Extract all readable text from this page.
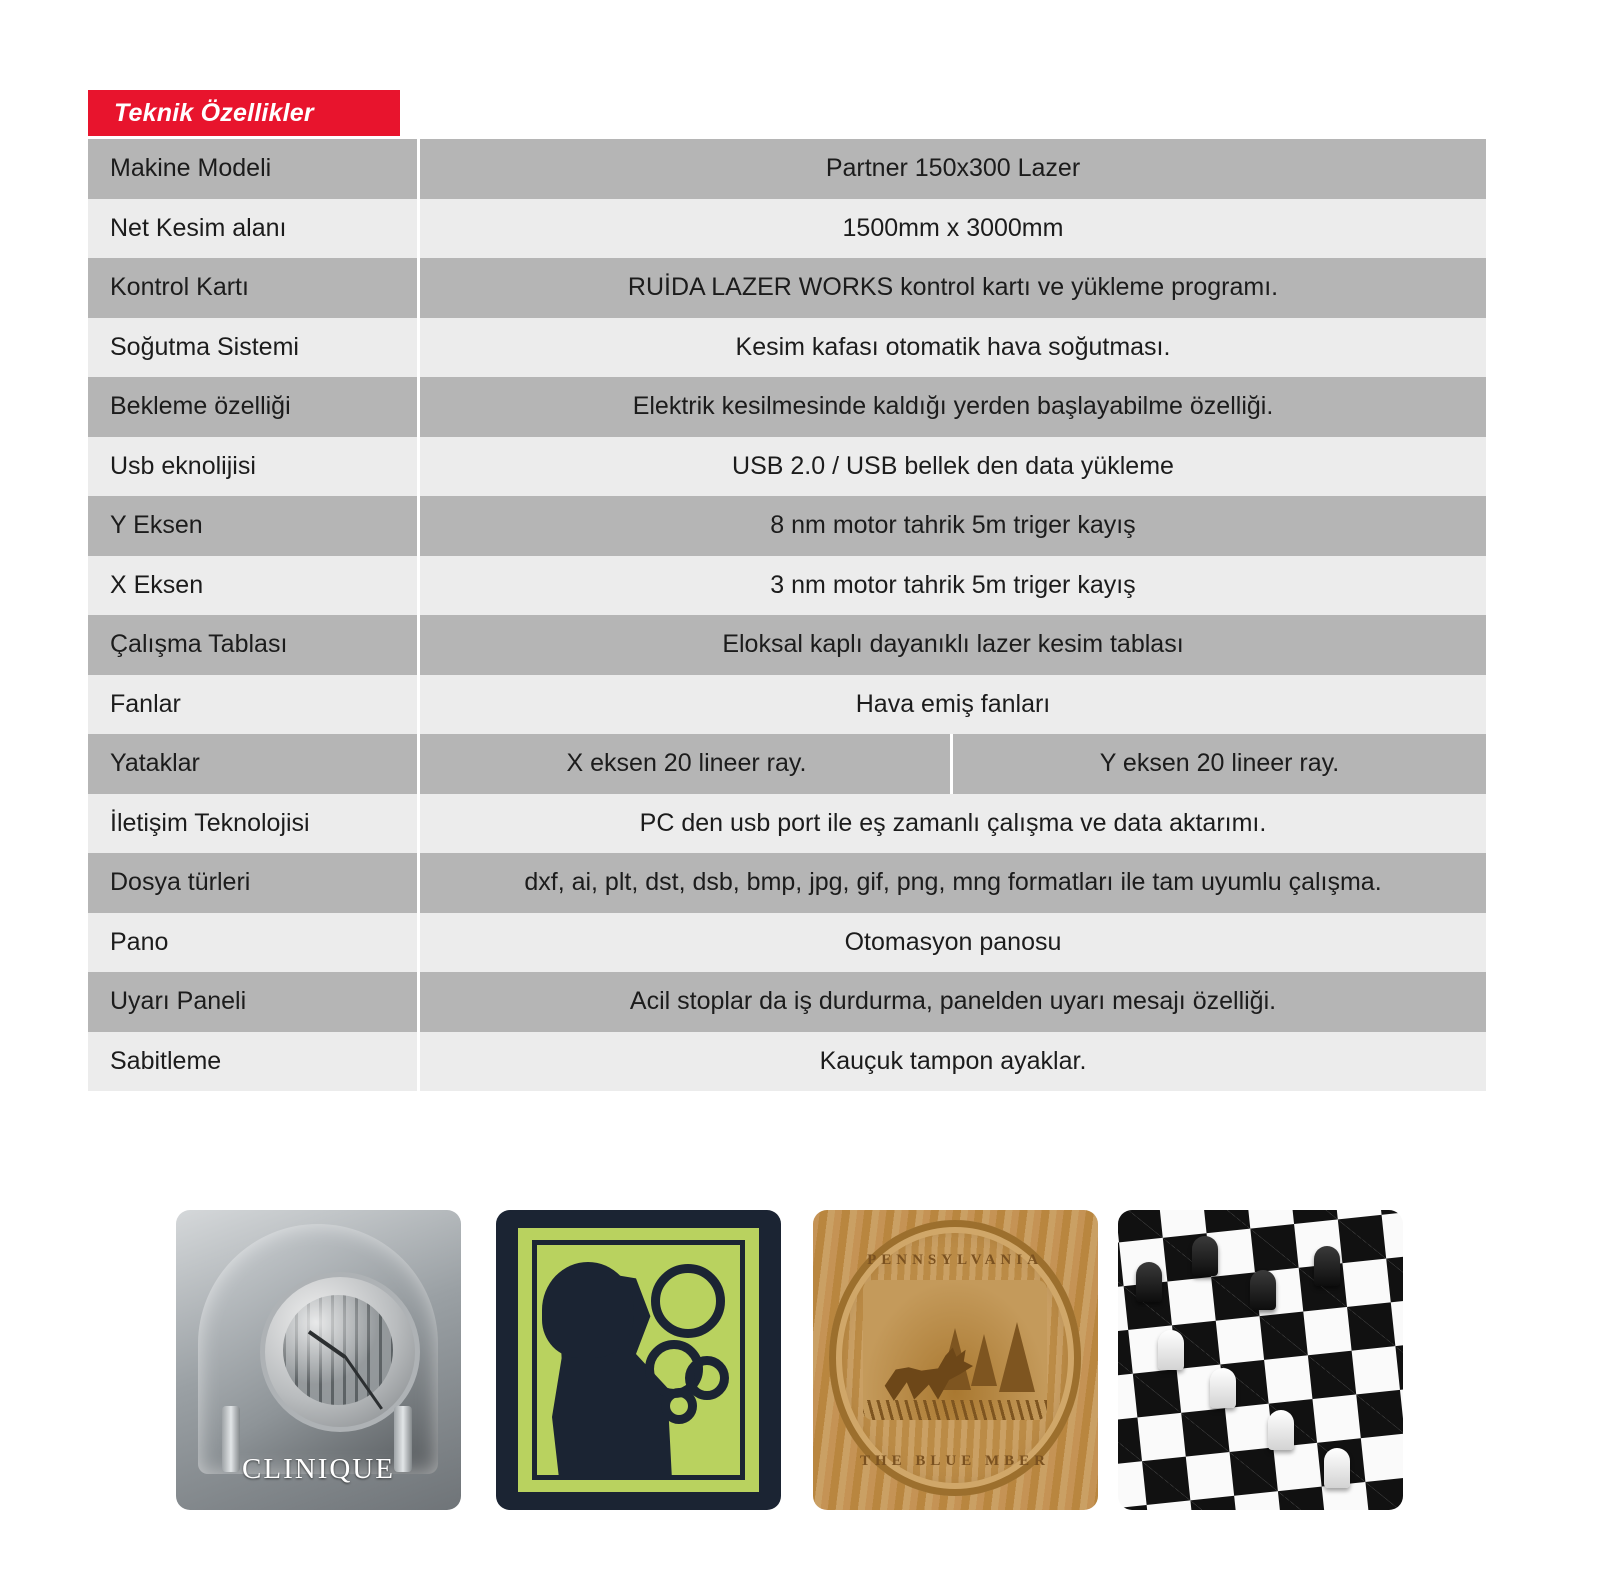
Teknik Özellikler
Makine Modeli	Partner 150x300 Lazer	
Net Kesim alanı	1500mm x 3000mm	
Kontrol Kartı	RUİDA LAZER WORKS kontrol kartı ve yükleme programı.	
Soğutma Sistemi	Kesim kafası otomatik hava soğutması.	
Bekleme özelliği	Elektrik kesilmesinde kaldığı yerden başlayabilme özelliği.	
Usb eknolijisi	USB 2.0 / USB bellek den data yükleme	
Y Eksen	8 nm motor tahrik 5m triger kayış	
X Eksen	3 nm motor tahrik 5m triger kayış	
Çalışma Tablası	Eloksal kaplı dayanıklı lazer kesim tablası	
Fanlar	Hava emiş fanları	
Yataklar	X eksen 20 lineer ray.	Y eksen 20 lineer ray.
İletişim Teknolojisi	PC den usb port ile eş zamanlı çalışma ve data aktarımı.	
Dosya türleri	dxf, ai, plt, dst, dsb, bmp, jpg, gif, png, mng formatları ile tam uyumlu çalışma.	
Pano	Otomasyon panosu	
Uyarı Paneli	Acil stoplar da iş durdurma, panelden uyarı mesajı özelliği.	
Sabitleme	Kauçuk tampon ayaklar.	
CLINIQUE
PENNSYLVANIA
THE BLUE MBER
